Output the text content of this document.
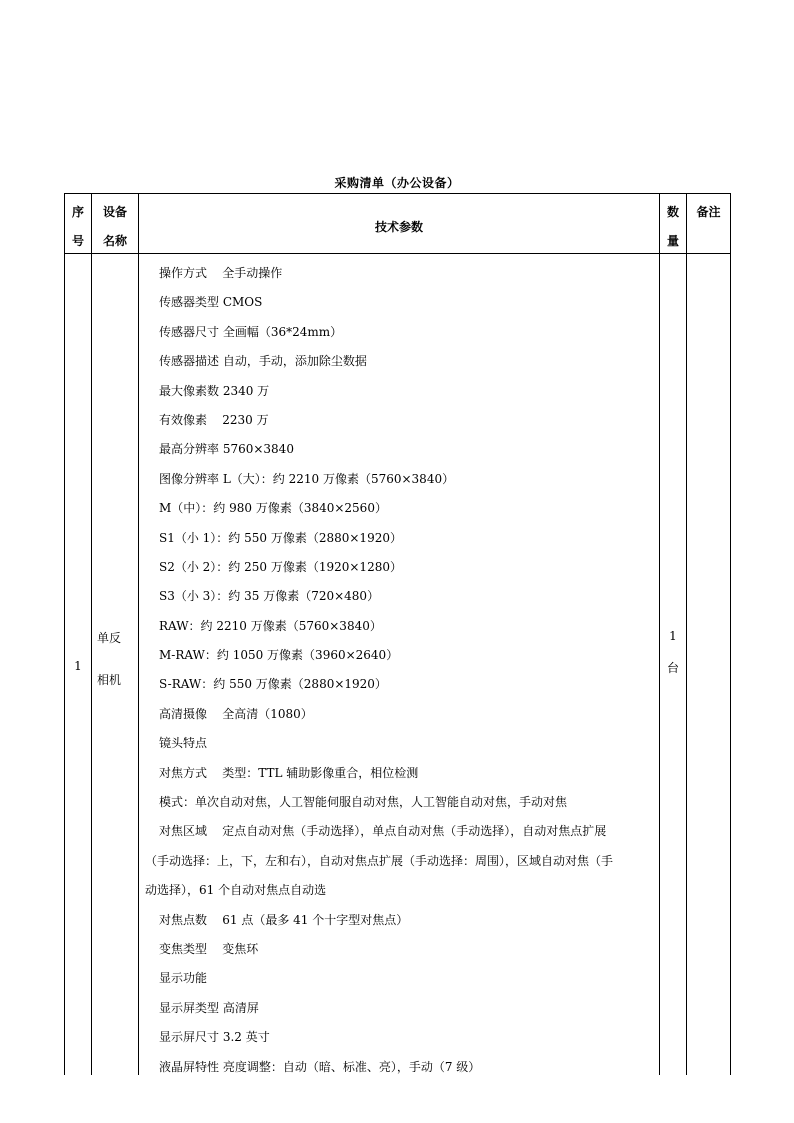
采购清单（办公设备）
序
号
设备
名称
技术参数
数
量
备注
1
单反
相机
操作方式    全手动操作
传感器类型 CMOS
传感器尺寸 全画幅（36*24mm）
传感器描述 自动，手动，添加除尘数据
最大像素数 2340 万
有效像素    2230 万
最高分辨率 5760×3840
图像分辨率 L（大）：约 2210 万像素（5760×3840）
M（中）：约 980 万像素（3840×2560）
S1（小 1）：约 550 万像素（2880×1920）
S2（小 2）：约 250 万像素（1920×1280）
S3（小 3）：约 35 万像素（720×480）
RAW：约 2210 万像素（5760×3840）
M-RAW：约 1050 万像素（3960×2640）
S-RAW：约 550 万像素（2880×1920）
高清摄像    全高清（1080）
镜头特点
对焦方式    类型：TTL 辅助影像重合，相位检测
模式：单次自动对焦，人工智能伺服自动对焦，人工智能自动对焦，手动对焦
对焦区域    定点自动对焦（手动选择），单点自动对焦（手动选择），自动对焦点扩展
（手动选择：上，下，左和右），自动对焦点扩展（手动选择：周围），区域自动对焦（手
动选择），61 个自动对焦点自动选
对焦点数    61 点（最多 41 个十字型对焦点）
变焦类型    变焦环
显示功能
显示屏类型 高清屏
显示屏尺寸 3.2 英寸
液晶屏特性 亮度调整：自动（暗、标准、亮），手动（7 级）
1
台
